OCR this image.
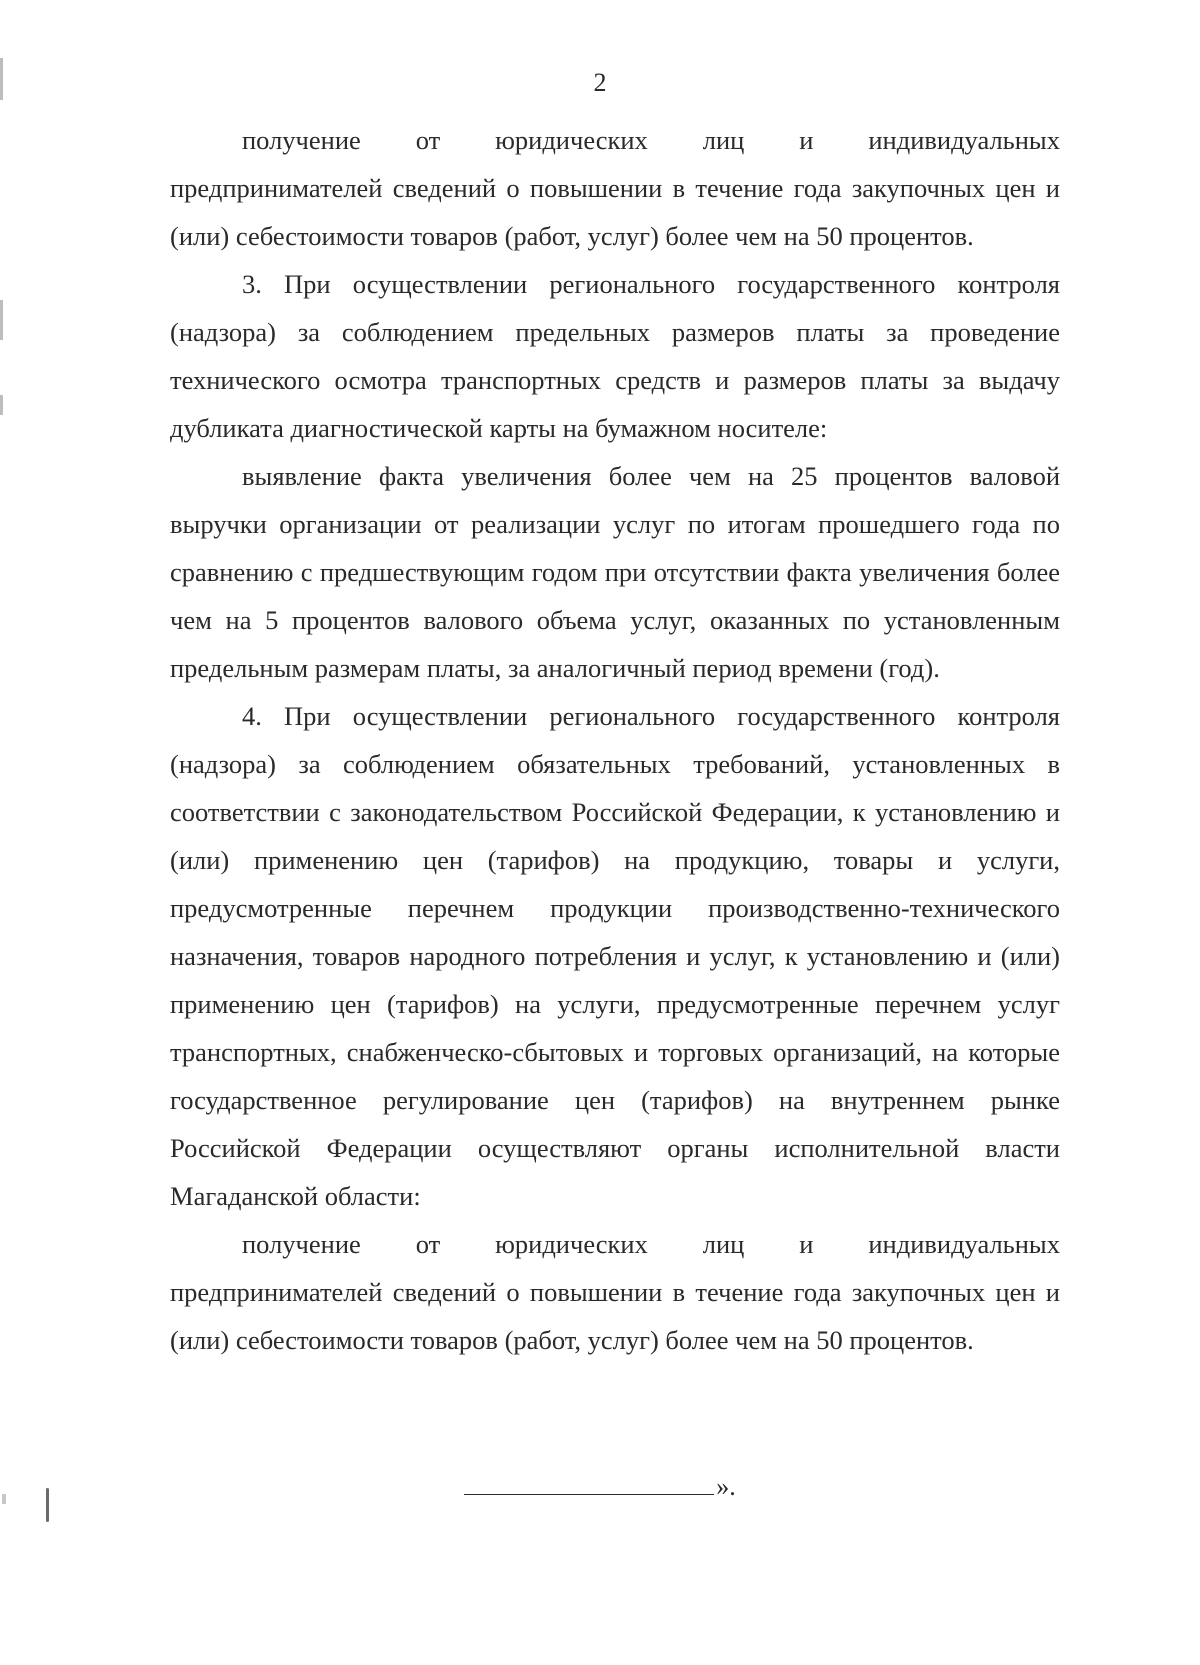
2

получение от юридических лиц и индивидуальных

предпринимателей сведений о повышении в течение года закупочных цен и (или) себестоимости товаров (работ, услуг) более чем на 50 процентов.

3. При осуществлении регионального государственного контроля (надзора) за соблюдением предельных размеров платы за проведение технического осмотра транспортных средств и размеров платы за выдачу дубликата диагностической карты на бумажном носителе:

выявление факта увеличения более чем на 25 процентов валовой выручки организации от реализации услуг по итогам прошедшего года по сравнению с предшествующим годом при отсутствии факта увеличения более чем на 5 процентов валового объема услуг, оказанных по установленным предельным размерам платы, за аналогичный период времени (год).

4. При осуществлении регионального государственного контроля (надзора) за соблюдением обязательных требований, установленных в соответствии с законодательством Российской Федерации, к установлению и (или) применению цен (тарифов) на продукцию, товары и услуги, предусмотренные перечнем продукции производственно-технического назначения, товаров народного потребления и услуг, к установлению и (или) применению цен (тарифов) на услуги, предусмотренные перечнем услуг транспортных, снабженческо-сбытовых и торговых организаций, на которые государственное регулирование цен (тарифов) на внутреннем рынке Российской Федерации осуществляют органы исполнительной власти Магаданской области:

получение от юридических лиц и индивидуальных

предпринимателей сведений о повышении в течение года закупочных цен и (или) себестоимости товаров (работ, услуг) более чем на 50 процентов.

».
